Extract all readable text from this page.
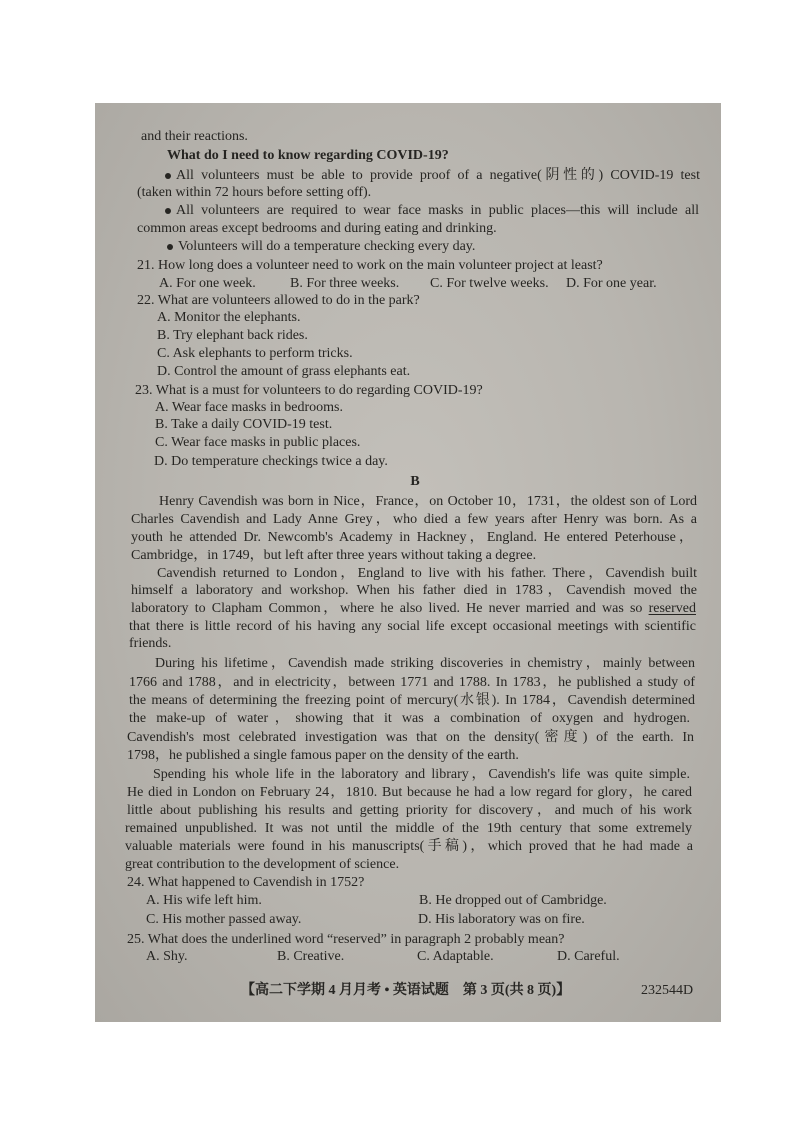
and their reactions.
What do I need to know regarding COVID-19?
All volunteers must be able to provide proof of a negative(阴性的) COVID-19 test
(taken within 72 hours before setting off).
All volunteers are required to wear face masks in public places—this will include all
common areas except bedrooms and during eating and drinking.
Volunteers will do a temperature checking every day.
21. How long does a volunteer need to work on the main volunteer project at least?
A. For one week. B. For three weeks. C. For twelve weeks. D. For one year.
22. What are volunteers allowed to do in the park?
A. Monitor the elephants.
B. Try elephant back rides.
C. Ask elephants to perform tricks.
D. Control the amount of grass elephants eat.
23. What is a must for volunteers to do regarding COVID-19?
A. Wear face masks in bedrooms.
B. Take a daily COVID-19 test.
C. Wear face masks in public places.
D. Do temperature checkings twice a day.
B
Henry Cavendish was born in Nice，France，on October 10，1731，the oldest son of Lord
Charles Cavendish and Lady Anne Grey，who died a few years after Henry was born. As a
youth he attended Dr. Newcomb's Academy in Hackney，England. He entered Peterhouse，
Cambridge，in 1749，but left after three years without taking a degree.
Cavendish returned to London，England to live with his father. There，Cavendish built
himself a laboratory and workshop. When his father died in 1783，Cavendish moved the
laboratory to Clapham Common，where he also lived. He never married and was so reserved
that there is little record of his having any social life except occasional meetings with scientific
friends.
During his lifetime，Cavendish made striking discoveries in chemistry，mainly between
1766 and 1788，and in electricity，between 1771 and 1788. In 1783，he published a study of
the means of determining the freezing point of mercury(水银). In 1784，Cavendish determined
the make-up of water，showing that it was a combination of oxygen and hydrogen.
Cavendish's most celebrated investigation was that on the density(密度) of the earth. In
1798，he published a single famous paper on the density of the earth.
Spending his whole life in the laboratory and library，Cavendish's life was quite simple.
He died in London on February 24，1810. But because he had a low regard for glory，he cared
little about publishing his results and getting priority for discovery，and much of his work
remained unpublished. It was not until the middle of the 19th century that some extremely
valuable materials were found in his manuscripts(手稿)，which proved that he had made a
great contribution to the development of science.
24. What happened to Cavendish in 1752?
A. His wife left him.	B. He dropped out of Cambridge.
C. His mother passed away.	D. His laboratory was on fire.
25. What does the underlined word “reserved” in paragraph 2 probably mean?
A. Shy.	B. Creative.	C. Adaptable.	D. Careful.
【高二下学期 4 月月考 • 英语试题　第 3 页(共 8 页)】	232544D
